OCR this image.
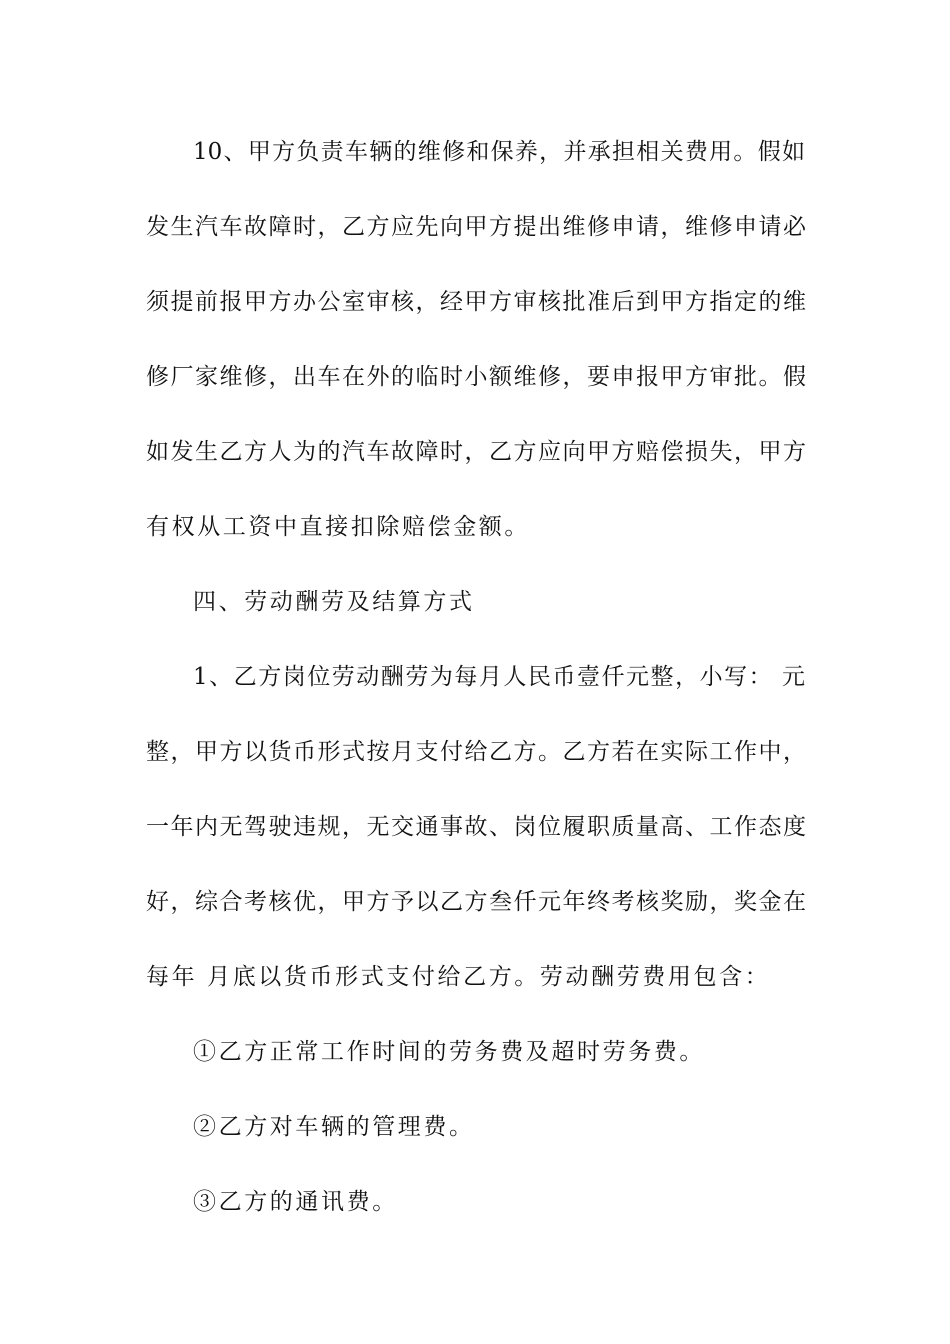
10、甲方负责车辆的维修和保养，并承担相关费用。假如
发生汽车故障时，乙方应先向甲方提出维修申请，维修申请必
须提前报甲方办公室审核，经甲方审核批准后到甲方指定的维
修厂家维修，出车在外的临时小额维修，要申报甲方审批。假
如发生乙方人为的汽车故障时，乙方应向甲方赔偿损失，甲方
有权从工资中直接扣除赔偿金额。
四、劳动酬劳及结算方式
1、乙方岗位劳动酬劳为每月人民币壹仟元整，小写： 元
整，甲方以货币形式按月支付给乙方。乙方若在实际工作中，
一年内无驾驶违规，无交通事故、岗位履职质量高、工作态度
好，综合考核优，甲方予以乙方叁仟元年终考核奖励，奖金在
每年 月底以货币形式支付给乙方。劳动酬劳费用包含：
①乙方正常工作时间的劳务费及超时劳务费。
②乙方对车辆的管理费。
③乙方的通讯费。
